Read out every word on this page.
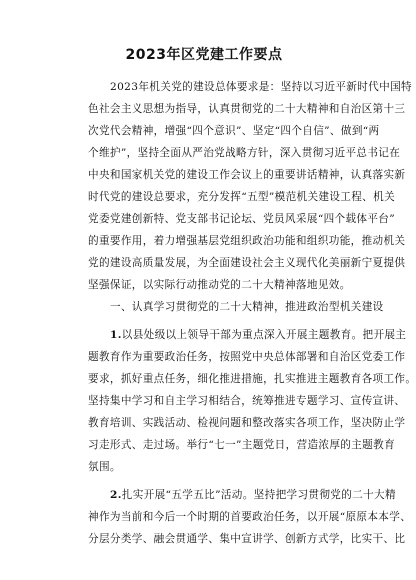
2023年区党建工作要点
2023年机关党的建设总体要求是：坚持以习近平新时代中国特
色社会主义思想为指导，认真贯彻党的二十大精神和自治区第十三
次党代会精神，增强“四个意识”、坚定“四个自信”、做到“两
个维护”，坚持全面从严治党战略方针，深入贯彻习近平总书记在
中央和国家机关党的建设工作会议上的重要讲话精神，认真落实新
时代党的建设总要求，充分发挥“五型”模范机关建设工程、机关
党委党建创新特、党支部书记论坛、党员风采展“四个载体平台”
的重要作用，着力增强基层党组织政治功能和组织功能，推动机关
党的建设高质量发展，为全面建设社会主义现代化美丽新宁夏提供
坚强保证，以实际行动推动党的二十大精神落地见效。
一、认真学习贯彻党的二十大精神，推进政治型机关建设
1.以县处级以上领导干部为重点深入开展主题教育。把开展主
题教育作为重要政治任务，按照党中央总体部署和自治区党委工作
要求，抓好重点任务，细化推进措施，扎实推进主题教育各项工作。
坚持集中学习和自主学习相结合，统筹推进专题学习、宣传宣讲、
教育培训、实践活动、检视问题和整改落实各项工作，坚决防止学
习走形式、走过场。举行“七一”主题党日，营造浓厚的主题教育
氛围。
2.扎实开展“五学五比”活动。坚持把学习贯彻党的二十大精
神作为当前和今后一个时期的首要政治任务，以开展“原原本本学、
分层分类学、融会贯通学、集中宣讲学、创新方式学，比实干、比
